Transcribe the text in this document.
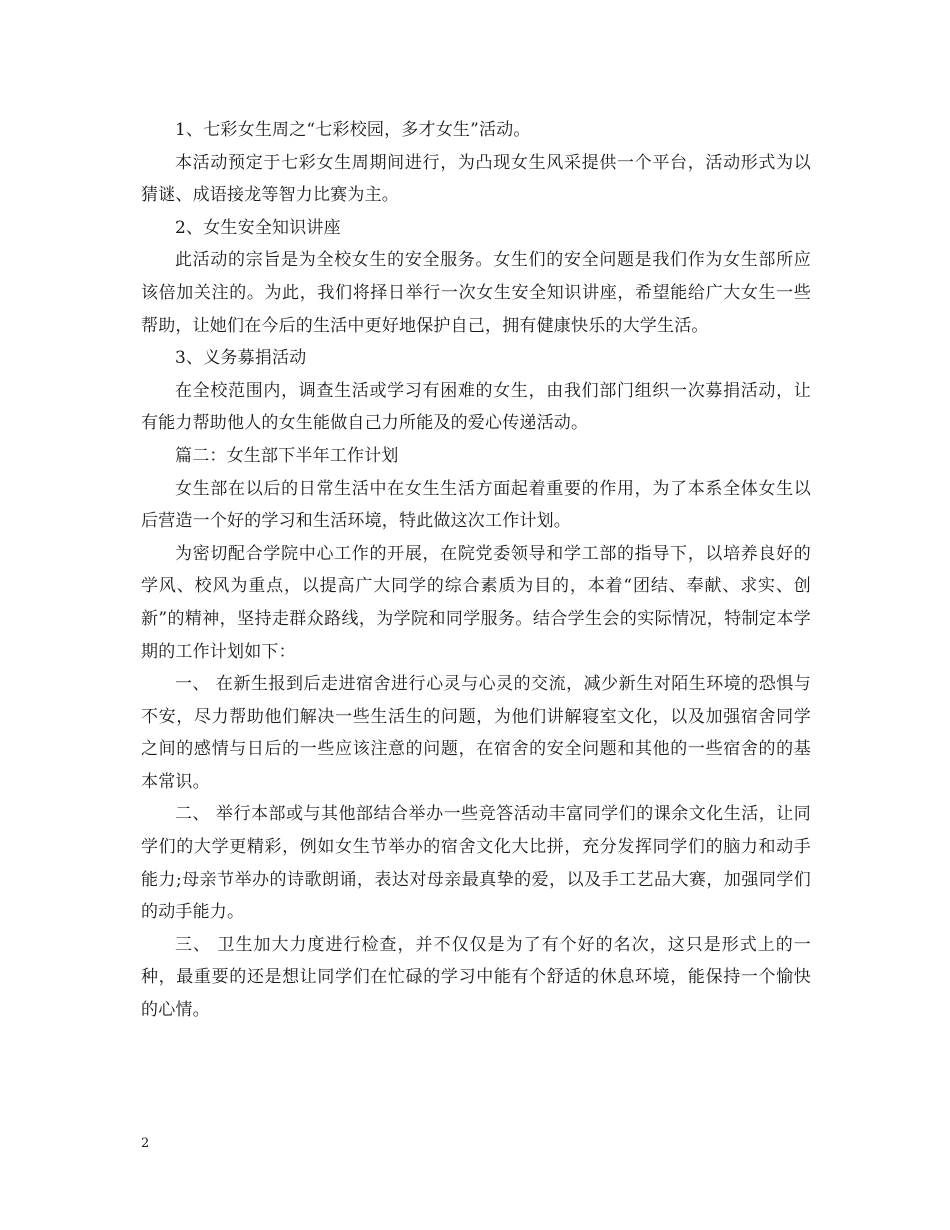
1、七彩女生周之“七彩校园，多才女生”活动。

本活动预定于七彩女生周期间进行，为凸现女生风采提供一个平台，活动形式为以猜谜、成语接龙等智力比赛为主。

2、女生安全知识讲座

此活动的宗旨是为全校女生的安全服务。女生们的安全问题是我们作为女生部所应该倍加关注的。为此，我们将择日举行一次女生安全知识讲座，希望能给广大女生一些帮助，让她们在今后的生活中更好地保护自己，拥有健康快乐的大学生活。

3、义务募捐活动

在全校范围内，调查生活或学习有困难的女生，由我们部门组织一次募捐活动，让有能力帮助他人的女生能做自己力所能及的爱心传递活动。

篇二：女生部下半年工作计划

女生部在以后的日常生活中在女生生活方面起着重要的作用，为了本系全体女生以后营造一个好的学习和生活环境，特此做这次工作计划。

为密切配合学院中心工作的开展，在院党委领导和学工部的指导下，以培养良好的学风、校风为重点，以提高广大同学的综合素质为目的，本着“团结、奉献、求实、创新”的精神，坚持走群众路线，为学院和同学服务。结合学生会的实际情况，特制定本学期的工作计划如下：

一、 在新生报到后走进宿舍进行心灵与心灵的交流，减少新生对陌生环境的恐惧与不安，尽力帮助他们解决一些生活生的问题，为他们讲解寝室文化，以及加强宿舍同学之间的感情与日后的一些应该注意的问题，在宿舍的安全问题和其他的一些宿舍的的基本常识。

二、 举行本部或与其他部结合举办一些竞答活动丰富同学们的课余文化生活，让同学们的大学更精彩，例如女生节举办的宿舍文化大比拼，充分发挥同学们的脑力和动手能力;母亲节举办的诗歌朗诵，表达对母亲最真挚的爱，以及手工艺品大赛，加强同学们的动手能力。

三、 卫生加大力度进行检查，并不仅仅是为了有个好的名次，这只是形式上的一种，最重要的还是想让同学们在忙碌的学习中能有个舒适的休息环境，能保持一个愉快的心情。

2
